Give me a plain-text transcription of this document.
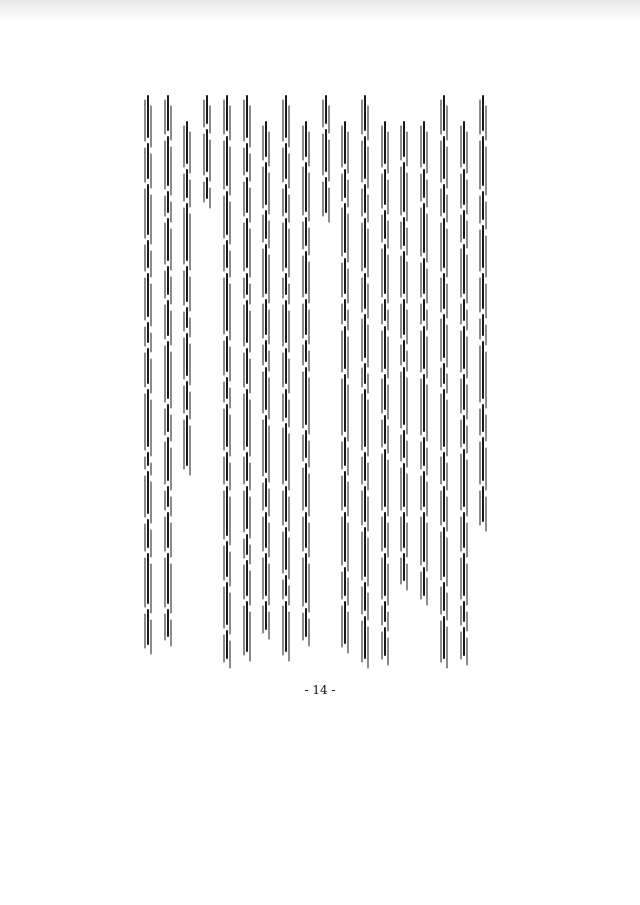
- 14 -
